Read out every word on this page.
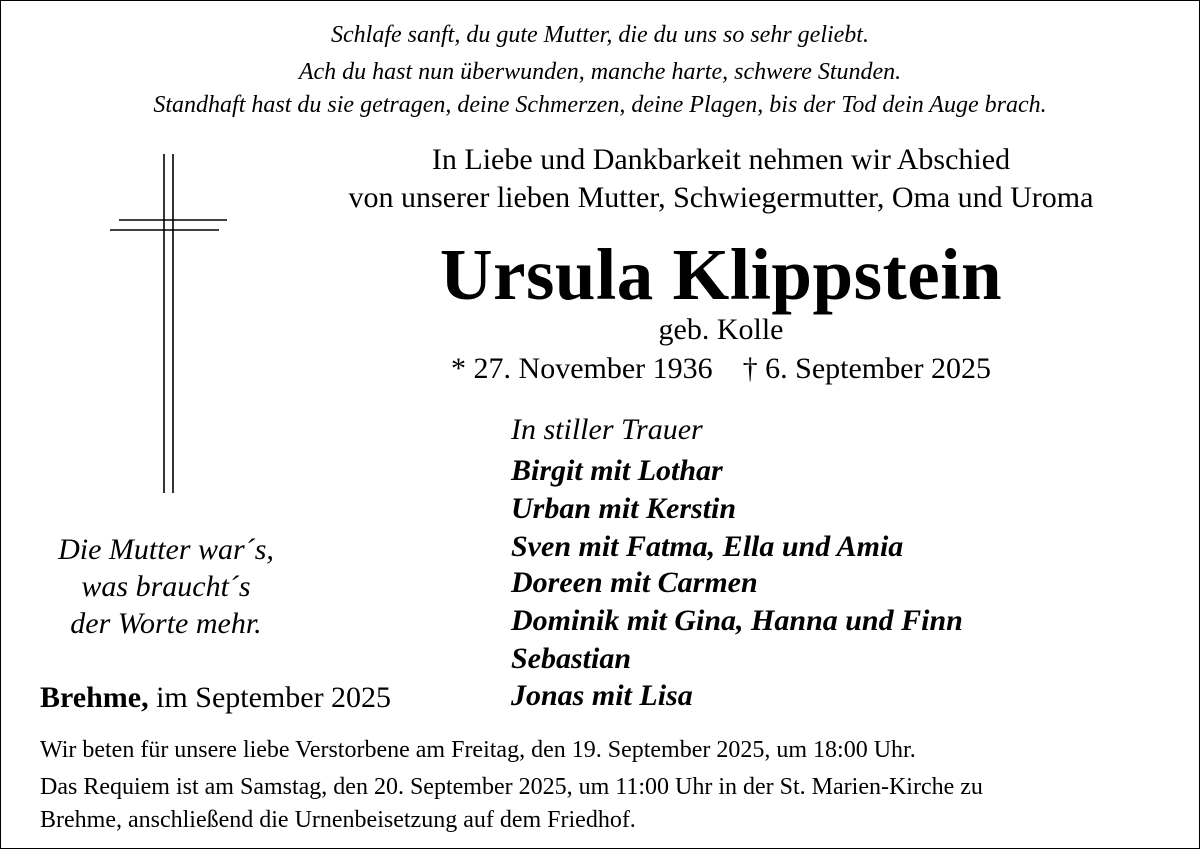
Schlafe sanft, du gute Mutter, die du uns so sehr geliebt.
Ach du hast nun überwunden, manche harte, schwere Stunden.
Standhaft hast du sie getragen, deine Schmerzen, deine Plagen, bis der Tod dein Auge brach.
In Liebe und Dankbarkeit nehmen wir Abschied
von unserer lieben Mutter, Schwiegermutter, Oma und Uroma
Ursula Klippstein
geb. Kolle
* 27. November 1936 † 6. September 2025
In stiller Trauer
Birgit mit Lothar
Urban mit Kerstin
Sven mit Fatma, Ella und Amia
Doreen mit Carmen
Dominik mit Gina, Hanna und Finn
Sebastian
Jonas mit Lisa
Die Mutter war´s,
was braucht´s
der Worte mehr.
Brehme, im September 2025
Wir beten für unsere liebe Verstorbene am Freitag, den 19. September 2025, um 18:00 Uhr.
Das Requiem ist am Samstag, den 20. September 2025, um 11:00 Uhr in der St. Marien-Kirche zu
Brehme, anschließend die Urnenbeisetzung auf dem Friedhof.
